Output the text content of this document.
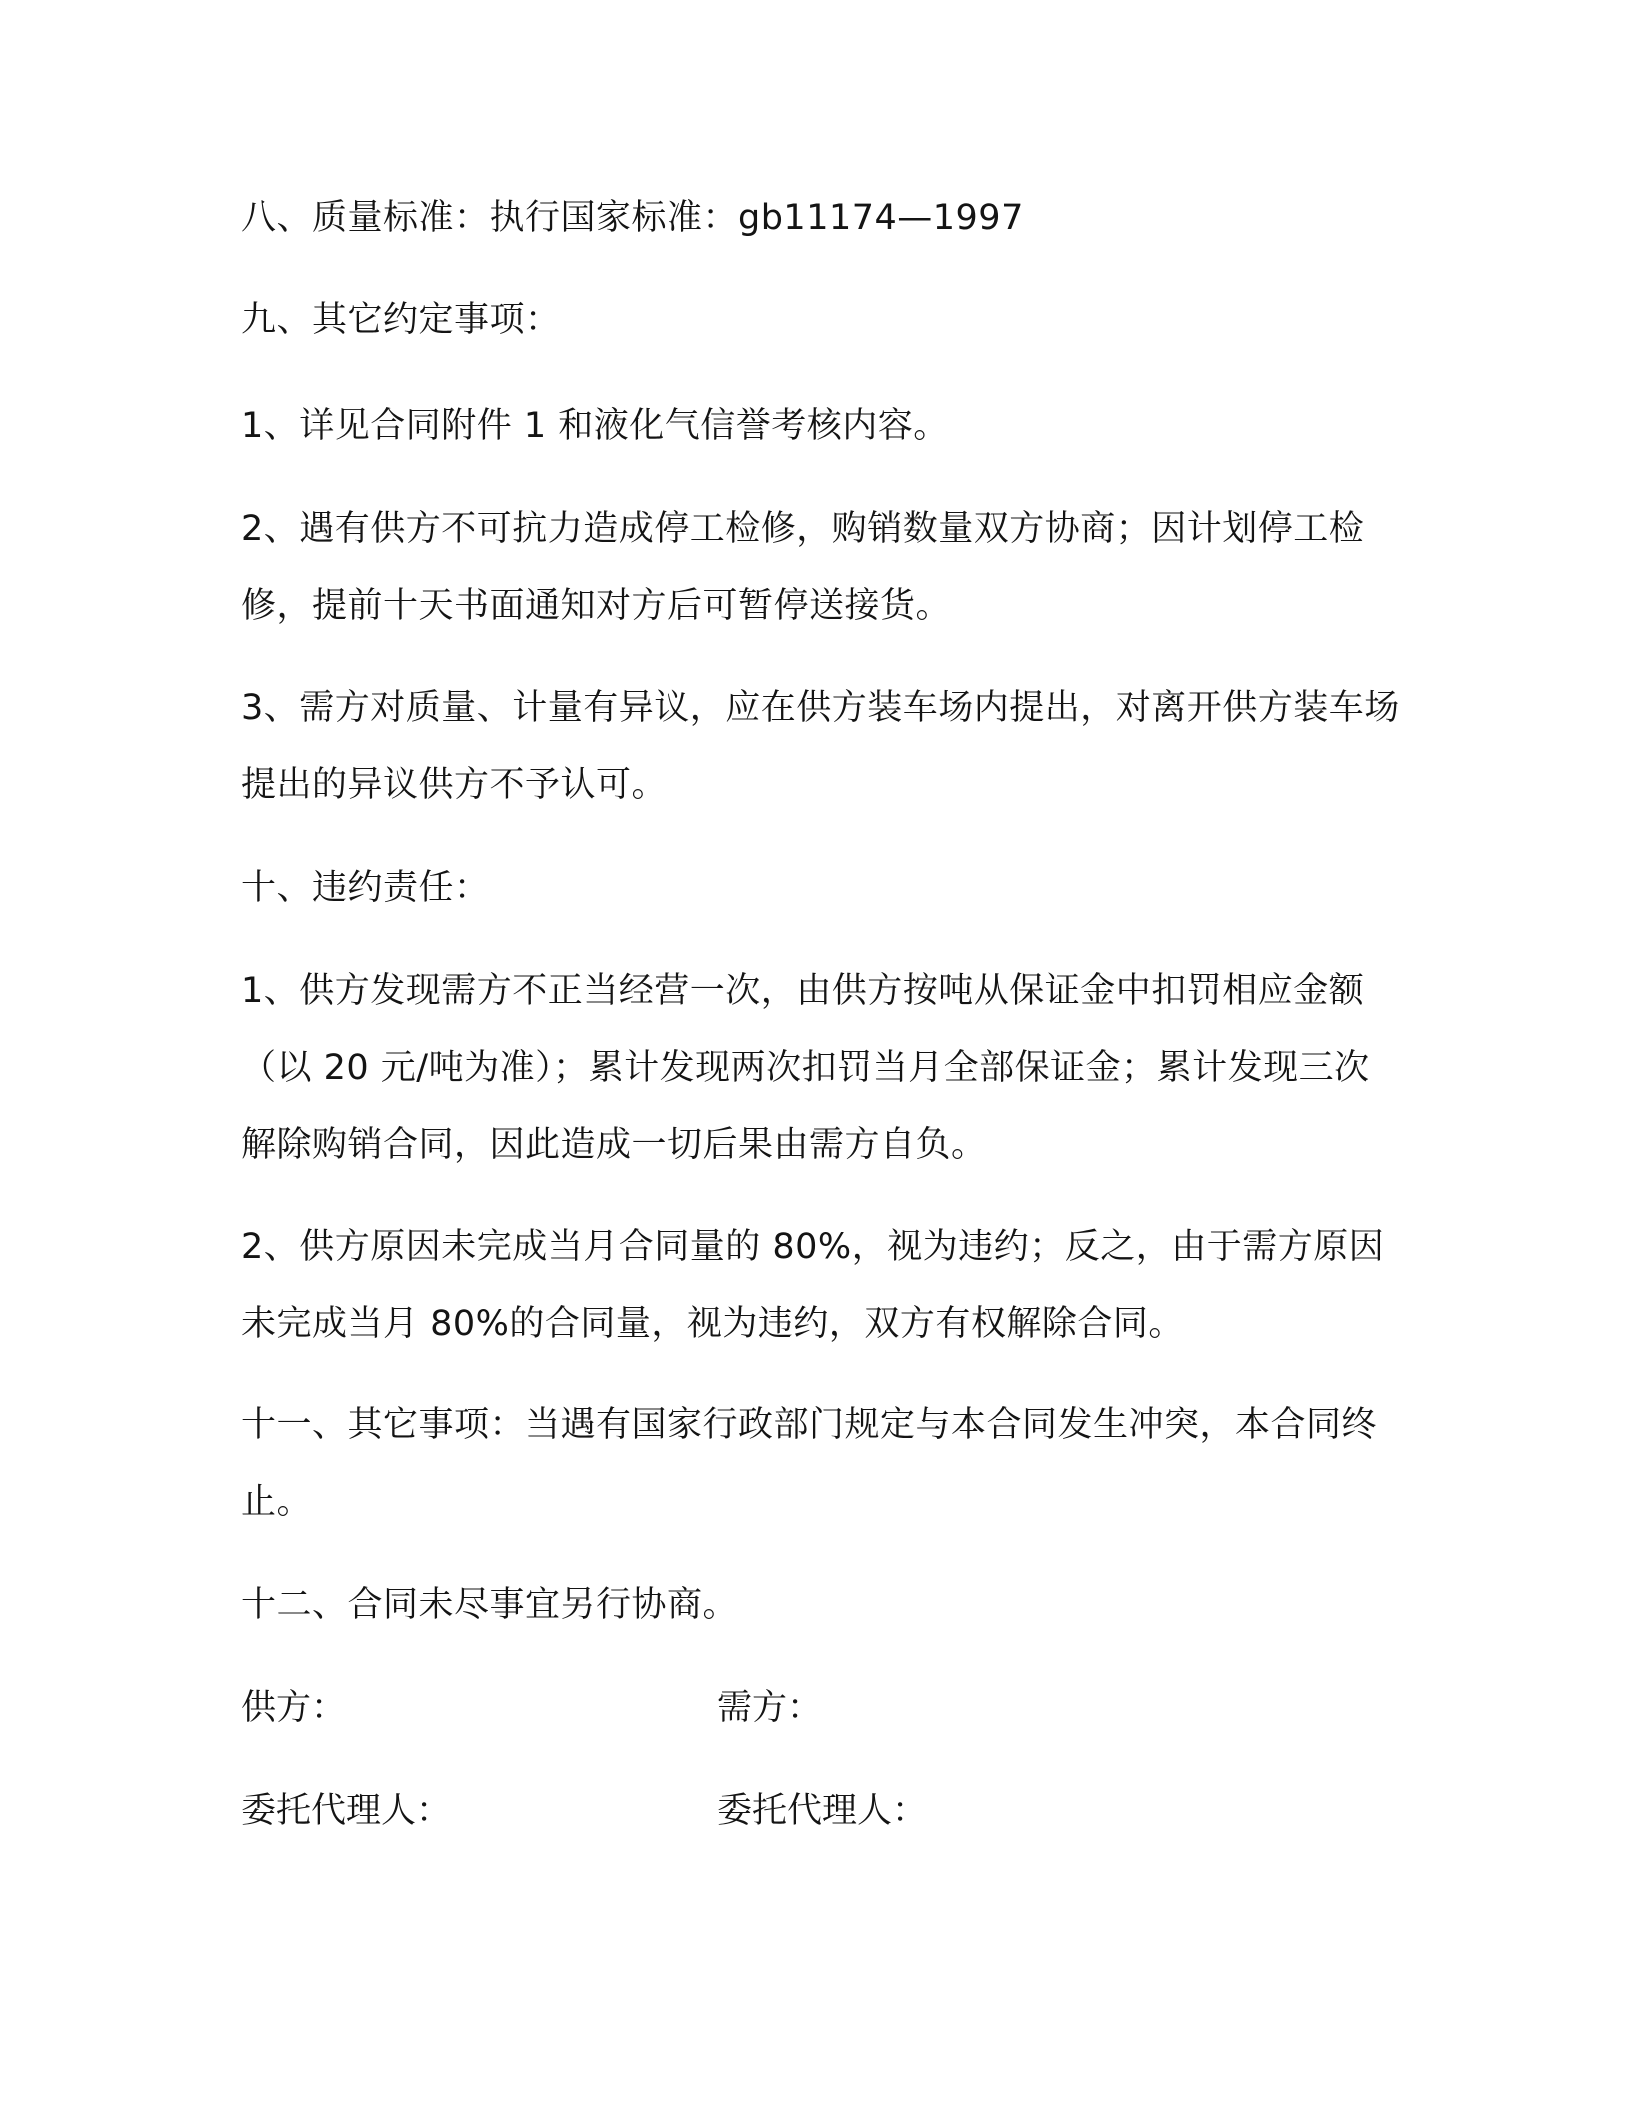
八、质量标准：执行国家标准：gb11174—1997

九、其它约定事项：

1、详见合同附件 1 和液化气信誉考核内容。

2、遇有供方不可抗力造成停工检修，购销数量双方协商；因计划停工检修，提前十天书面通知对方后可暂停送接货。

3、需方对质量、计量有异议，应在供方装车场内提出，对离开供方装车场提出的异议供方不予认可。

十、违约责任：

1、供方发现需方不正当经营一次，由供方按吨从保证金中扣罚相应金额（以 20 元/吨为准）；累计发现两次扣罚当月全部保证金；累计发现三次解除购销合同，因此造成一切后果由需方自负。

2、供方原因未完成当月合同量的 80%，视为违约；反之，由于需方原因未完成当月 80%的合同量，视为违约，双方有权解除合同。

十一、其它事项：当遇有国家行政部门规定与本合同发生冲突，本合同终止。

十二、合同未尽事宜另行协商。

供方：	需方：

委托代理人：	委托代理人：
